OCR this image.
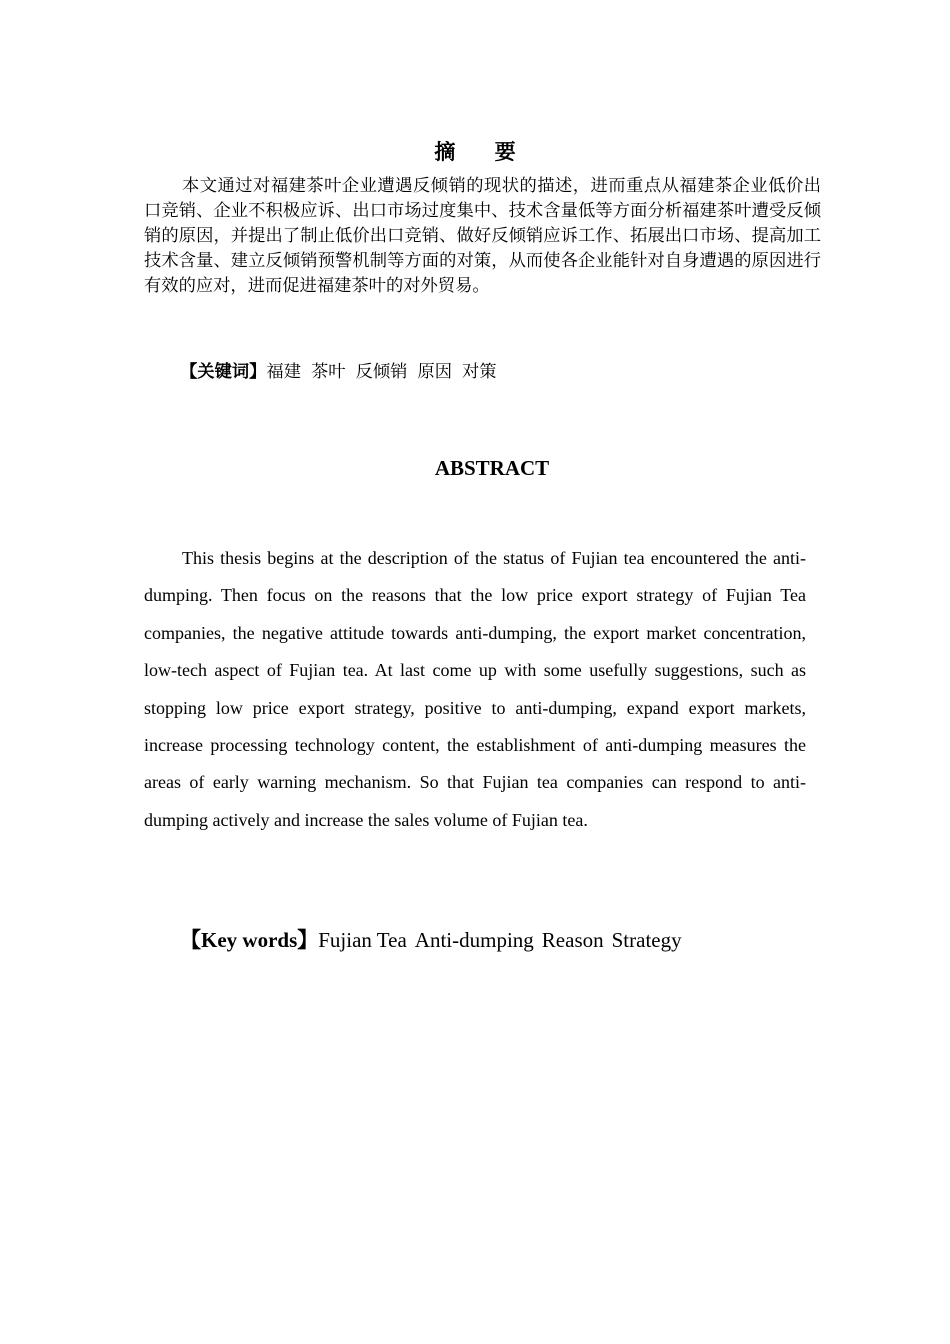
摘 要

本文通过对福建茶叶企业遭遇反倾销的现状的描述，进而重点从福建茶企业低价出口竞销、企业不积极应诉、出口市场过度集中、技术含量低等方面分析福建茶叶遭受反倾销的原因，并提出了制止低价出口竞销、做好反倾销应诉工作、拓展出口市场、提高加工技术含量、建立反倾销预警机制等方面的对策，从而使各企业能针对自身遭遇的原因进行有效的应对，进而促进福建茶叶的对外贸易。

【关键词】福建 茶叶 反倾销 原因 对策
ABSTRACT

This thesis begins at the description of the status of Fujian tea encountered the anti-dumping. Then focus on the reasons that the low price export strategy of Fujian Tea companies, the negative attitude towards anti-dumping, the export market concentration, low-tech aspect of Fujian tea. At last come up with some usefully suggestions, such as stopping low price export strategy, positive to anti-dumping, expand export markets, increase processing technology content, the establishment of anti-dumping measures the areas of early warning mechanism. So that Fujian tea companies can respond to anti-dumping actively and increase the sales volume of Fujian tea.

【Key words】Fujian Tea Anti-dumping Reason Strategy
